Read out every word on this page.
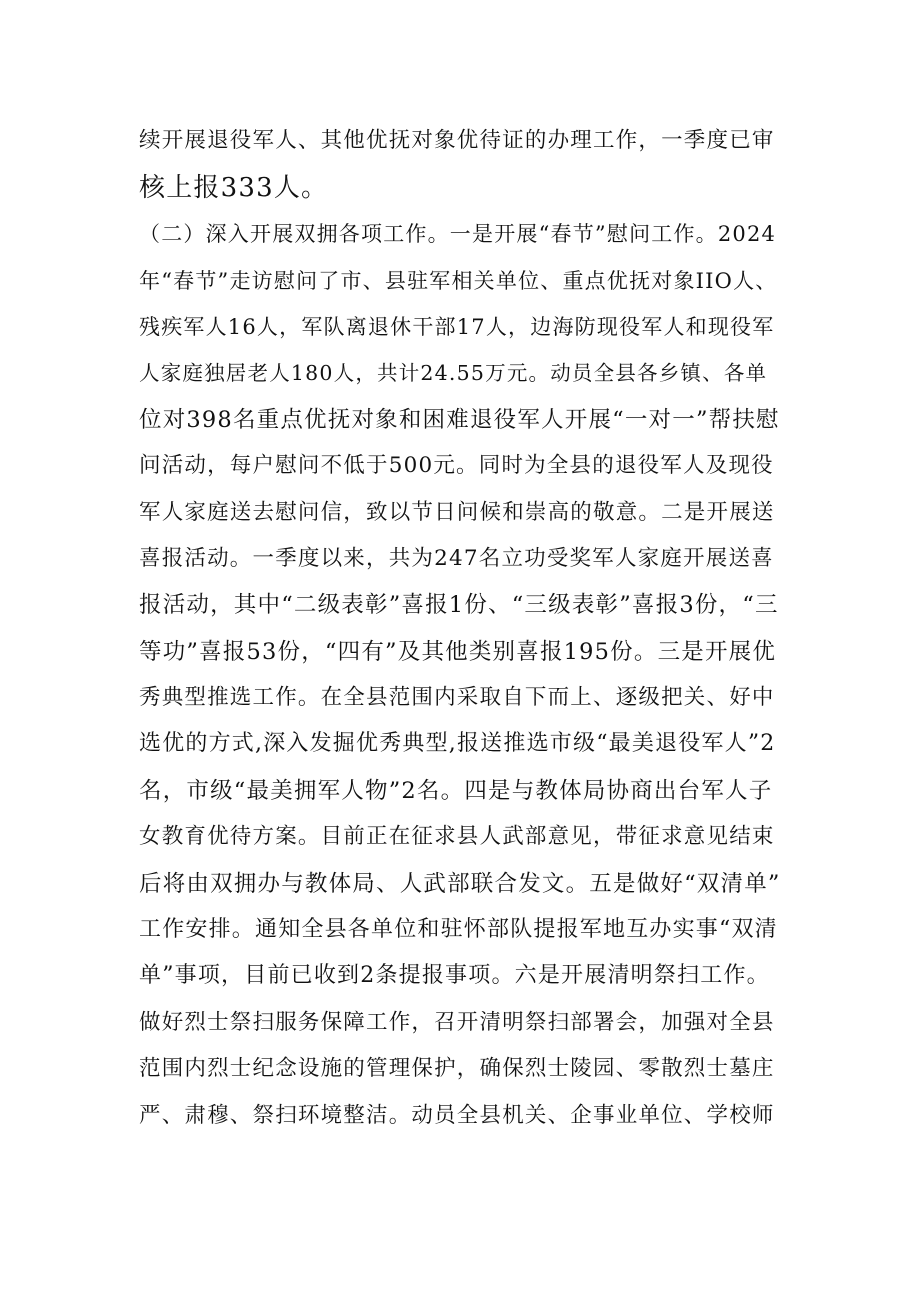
续开展退役军人、其他优抚对象优待证的办理工作，一季度已审
核上报333人。
（二）深入开展双拥各项工作。一是开展“春节”慰问工作。2024
年“春节”走访慰问了市、县驻军相关单位、重点优抚对象IIO人、
残疾军人16人，军队离退休干部17人，边海防现役军人和现役军
人家庭独居老人180人，共计24.55万元。动员全县各乡镇、各单
位对398名重点优抚对象和困难退役军人开展“一对一”帮扶慰
问活动，每户慰问不低于500元。同时为全县的退役军人及现役
军人家庭送去慰问信，致以节日问候和崇高的敬意。二是开展送
喜报活动。一季度以来，共为247名立功受奖军人家庭开展送喜
报活动，其中“二级表彰”喜报1份、“三级表彰”喜报3份，“三
等功”喜报53份，“四有”及其他类别喜报195份。三是开展优
秀典型推选工作。在全县范围内采取自下而上、逐级把关、好中
选优的方式,深入发掘优秀典型,报送推选市级“最美退役军人”2
名，市级“最美拥军人物”2名。四是与教体局协商出台军人子
女教育优待方案。目前正在征求县人武部意见，带征求意见结束
后将由双拥办与教体局、人武部联合发文。五是做好“双清单”
工作安排。通知全县各单位和驻怀部队提报军地互办实事“双清
单”事项，目前已收到2条提报事项。六是开展清明祭扫工作。
做好烈士祭扫服务保障工作，召开清明祭扫部署会，加强对全县
范围内烈士纪念设施的管理保护，确保烈士陵园、零散烈士墓庄
严、肃穆、祭扫环境整洁。动员全县机关、企事业单位、学校师
